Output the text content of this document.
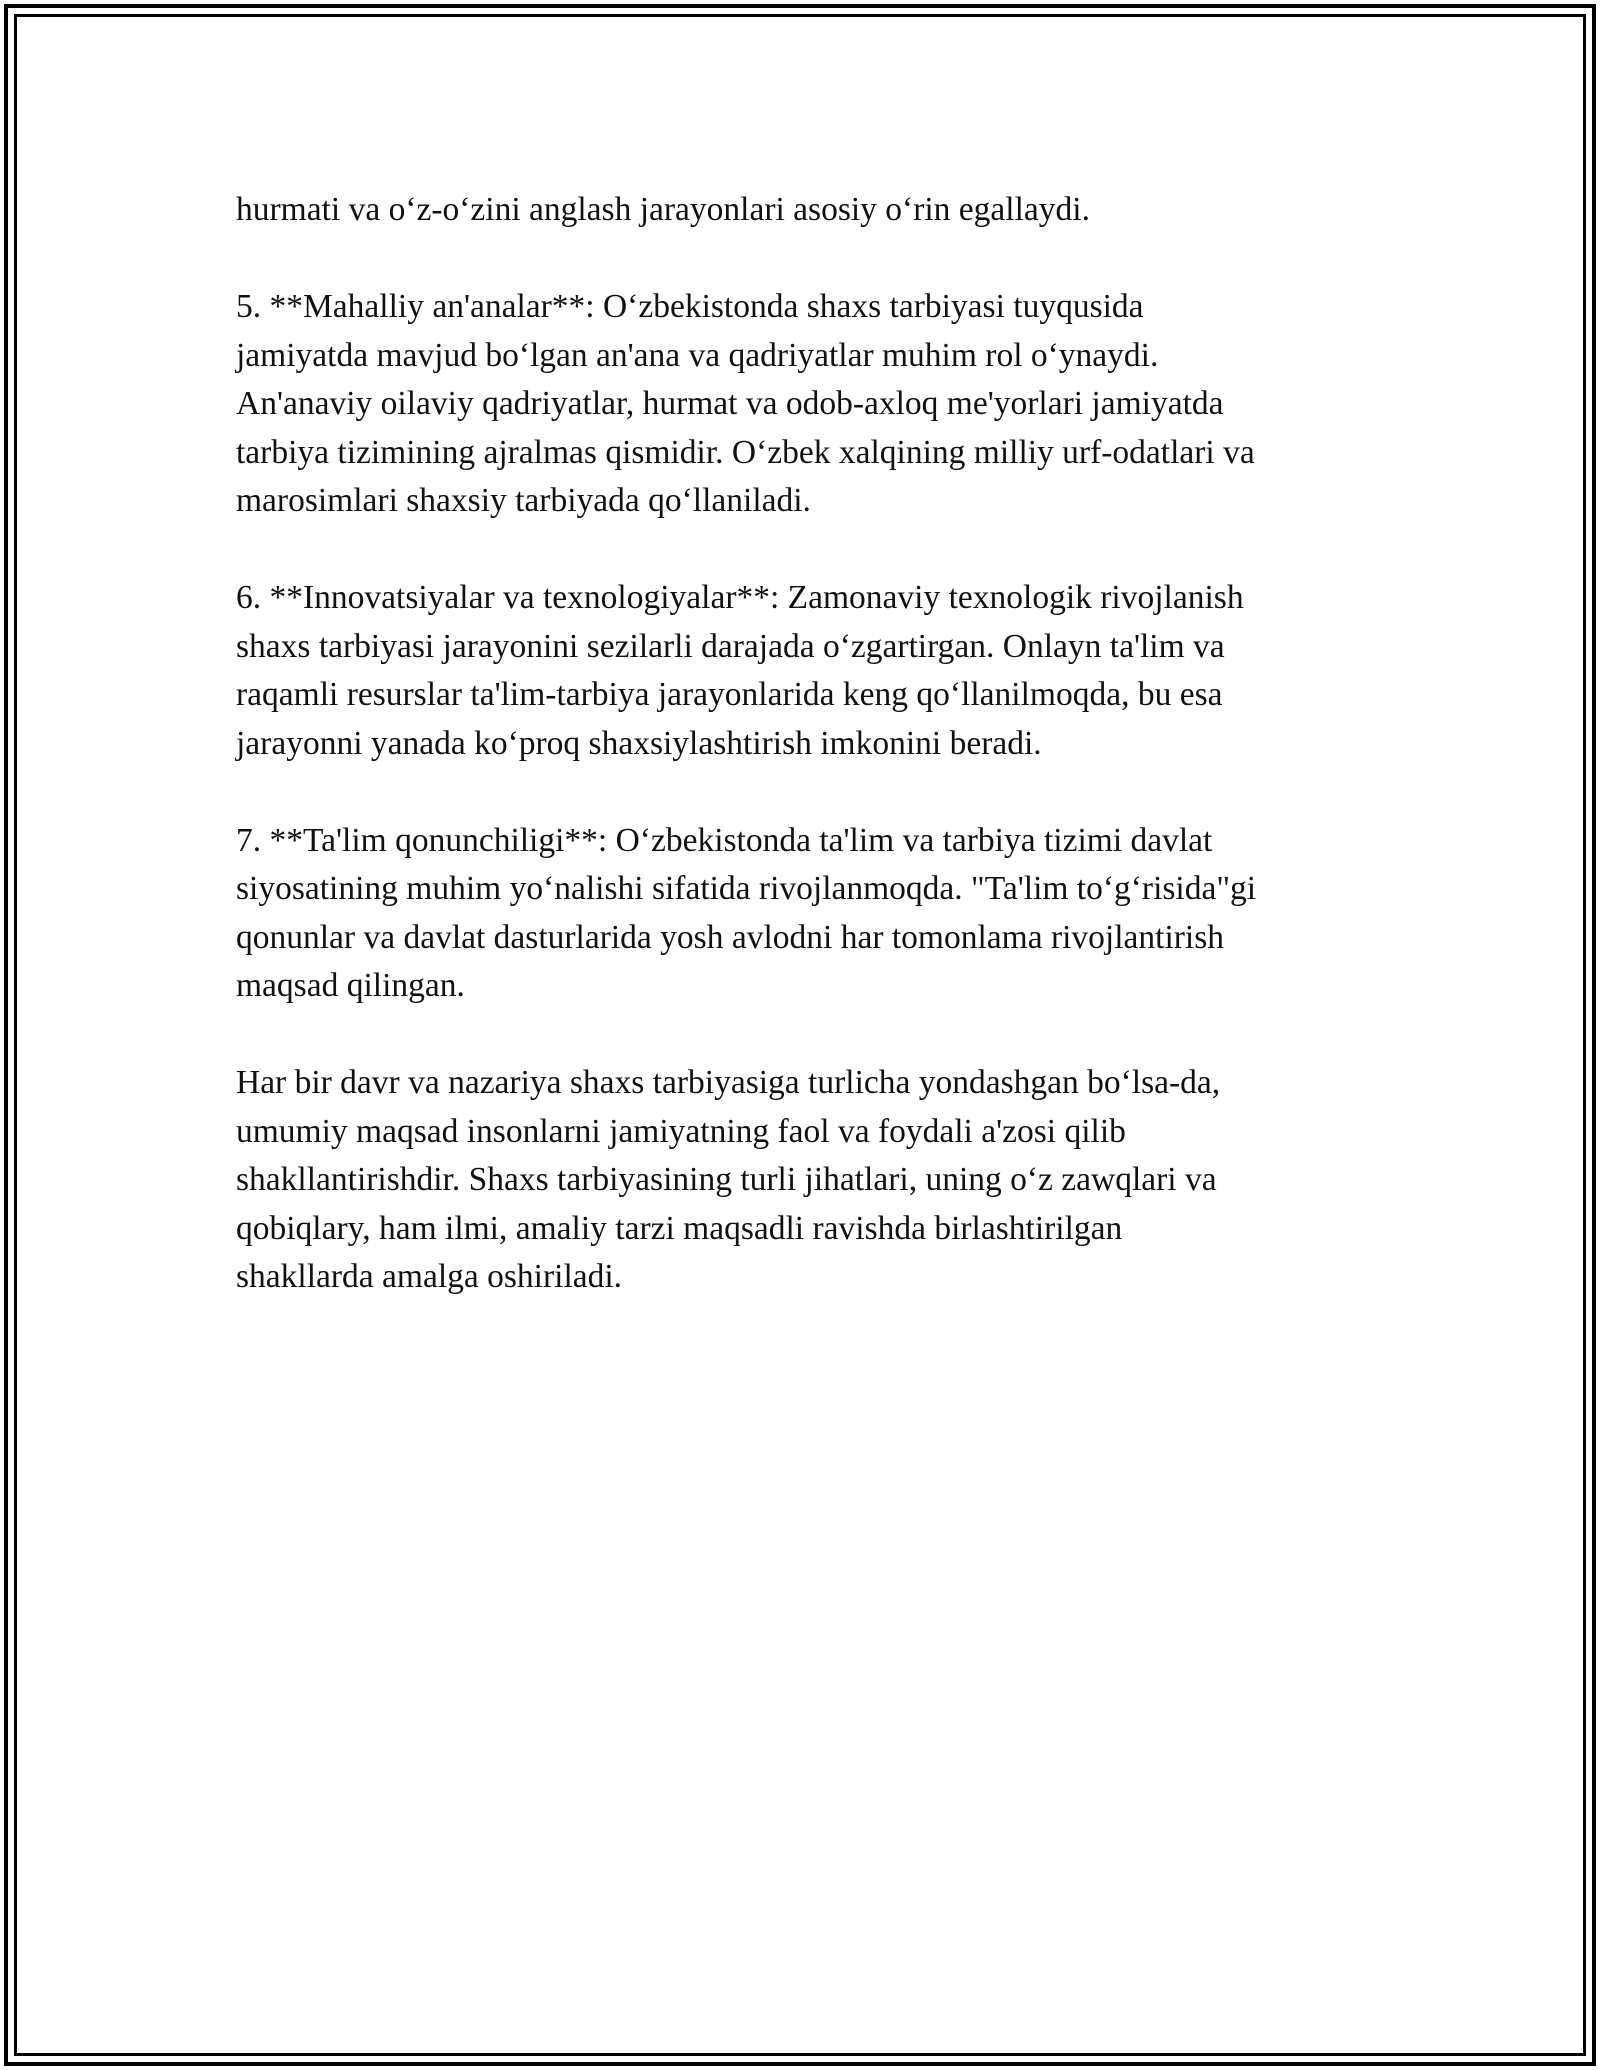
hurmati va o‘z-o‘zini anglash jarayonlari asosiy o‘rin egallaydi.

5. **Mahalliy an'analar**: O‘zbekistonda shaxs tarbiyasi tuyqusida
jamiyatda mavjud bo‘lgan an'ana va qadriyatlar muhim rol o‘ynaydi.
An'anaviy oilaviy qadriyatlar, hurmat va odob-axloq me'yorlari jamiyatda
tarbiya tizimining ajralmas qismidir. O‘zbek xalqining milliy urf-odatlari va
marosimlari shaxsiy tarbiyada qo‘llaniladi.

6. **Innovatsiyalar va texnologiyalar**: Zamonaviy texnologik rivojlanish
shaxs tarbiyasi jarayonini sezilarli darajada o‘zgartirgan. Onlayn ta'lim va
raqamli resurslar ta'lim-tarbiya jarayonlarida keng qo‘llanilmoqda, bu esa
jarayonni yanada ko‘proq shaxsiylashtirish imkonini beradi.

7. **Ta'lim qonunchiligi**: O‘zbekistonda ta'lim va tarbiya tizimi davlat
siyosatining muhim yo‘nalishi sifatida rivojlanmoqda. "Ta'lim to‘g‘risida"gi
qonunlar va davlat dasturlarida yosh avlodni har tomonlama rivojlantirish
maqsad qilingan.

Har bir davr va nazariya shaxs tarbiyasiga turlicha yondashgan bo‘lsa-da,
umumiy maqsad insonlarni jamiyatning faol va foydali a'zosi qilib
shakllantirishdir. Shaxs tarbiyasining turli jihatlari, uning o‘z zawqlari va
qobiqlary, ham ilmi, amaliy tarzi maqsadli ravishda birlashtirilgan
shakllarda amalga oshiriladi.
